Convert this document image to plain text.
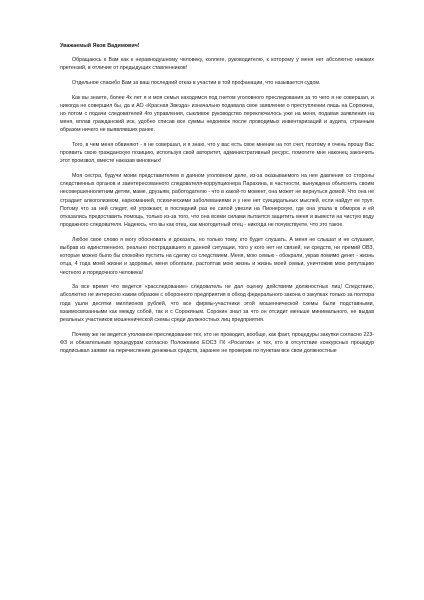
Уважаемый Яков Вадимович!

Обращаюсь к Вам как к неравнодушному человеку, коллеге, руководителю, к которому у меня нет абсолютно никаких претензий, в отличие от предыдущих ставленников!

Отдельное спасибо Вам за ваш последний отказ в участии в той профанации, что называется судом.

Как вы знаете, более 4х лет я и моя семья находимся под гнетом уголовного преследования за то чего я не совершал, и никогда не совершил бы, да и АО «Красная Звезда» изначально подавала свое заявление о преступлении лишь на Сорокина, но потом с подачи следователей 4го управления, сыкливое руководство переключилось уже на меня, подавая заявления на меня, вплав гражданский иск, удобно списав все суммы недоимок после проводимых инвентаризаций и аудита, странным образом ничего не выявлявших ранее.

Того, в чем меня обвиняют - я не совершал, и я знаю, что у вас есть свое мнение на тот счет, поэтому я очень прошу Вас проявить свою гражданскую позицию, используя свой авторитет, административный ресурс, помогите мне наконец закончить этот произвол, вместе наказав виновных!

Моя сестра, будучи моим представителем в данном уголовном деле, из-за оказываемого на нее давления со стороны следственных органов и заинтересованного следователя-коррупционера Парахина, в частности, вынуждена объяснять своим несовершеннолетним детям, маме, друзьям, работодателю - что в какой-то момент, она может не вернуться домой. Что она не страдает алкоголизмом, наркоманией, психическими заболеваниями и у нее нет суицидальных мыслей, если найдут ее труп. Потому что за ней следят, ей угрожают, в последний раз ее силой увезли на Пионерскую, где она упала в обморок и ей отказались предоставить помощь, только из-за того, что она всеми силами пытается защитить меня и вывести на чистую воду продажного следователя. Надеюсь, что вы как отец, как многодетный отец - никогда не почувствуете, что это такое.

Любое свое слово я могу обосновать и доказать, но только тому, кто будет слушать. А меня не слышат и не слушают, выбрав из единственного, реально пострадавшего в данной ситуации, того у кого нет ни связей, ни средств, ни премий ОВЗ, которые можно было бы спокойно пустить на сделку со следствием. Меня, мою семью - обокрали, украв помимо денег - жизнь отца, 4 года моей жизни и здоровья, меня оболгали, растоптав мою жизнь и жизнь моей семьи, уничтожив мою репутацию честного и порядочного человека!

За все время что ведется «расследование» следователь не дал оценку действиям должностных лиц! Следствию, абсолютно не интересно каким образом с оборонного предприятия в обход федерального закона о закупках только за полтора года ушли десятки миллионов рублей, что все фирмы-участники этой мошеннической схемы были подставными, взаимосвязанными как между собой, так и с Сорокиным. Сорокин знал за что он отсидит меньше минимального, не выдав реальных участников мошеннической схемы среди должностных лиц предприятия.

Почему же не ведется уголовное преследование тех, кто не проводил, вообще, как факт, процедуры закупки согласно 223-ФЗ и обязательным процедурам согласно Положению ЕОСЗ ГК «Росатом» и тех, кто в отсутствие конкурсных процедур подписывал заявки на перечисление денежных средств, заранее не проверив по пунктам все свои должностные
